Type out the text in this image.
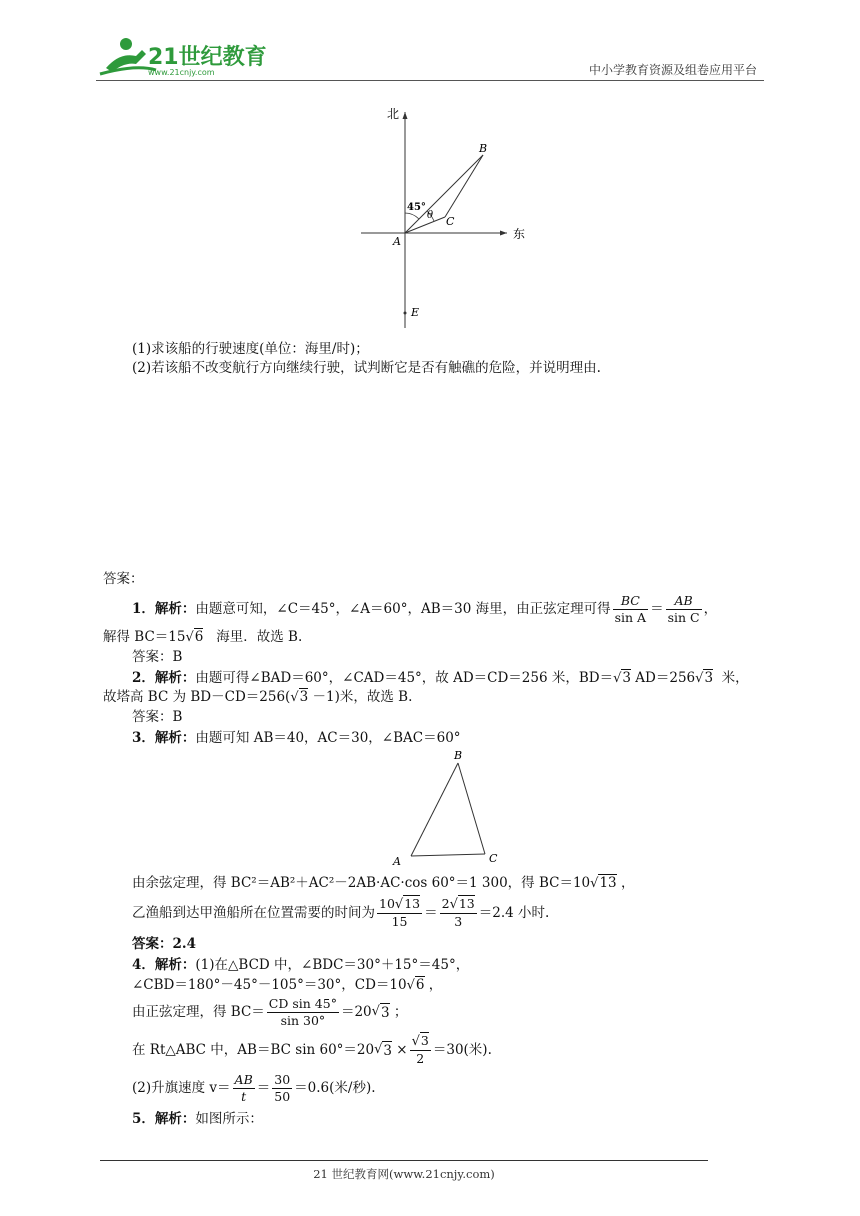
21世纪教育
www.21cnjy.com	中小学教育资源及组卷应用平台
北
东
A
B
C
E
45°
θ
(1)求该船的行驶速度(单位：海里/时)；
(2)若该船不改变航行方向继续行驶，试判断它是否有触礁的危险，并说明理由.
答案：
1．解析： 由题意可知，∠C＝45°，∠A＝60°，AB＝30 海里，由正弦定理可得 $\frac{BC}{\text{sin A}} = \frac{AB}{\text{sin C}}$ ，
解得 BC＝15√6 海里．故选 B.
答案：B
2．解析：由题可得∠BAD＝60°，∠CAD＝45°，故 AD＝CD＝256 米，BD＝√3 AD＝256√3 米，
故塔高 BC 为 BD－CD＝256(√3 －1)米，故选 B.
答案：B
3．解析：由题可知 AB＝40，AC＝30，∠BAC＝60°
B
A	C
由余弦定理，得 BC²＝AB²＋AC²－2AB·AC·cos 60°＝1 300，得 BC＝10√13 ，
乙渔船到达甲渔船所在位置需要的时间为 $\frac{10√13}{15} = \frac{2√13}{3} =2.4$ 小时.
答案：2.4
4．解析：(1)在△BCD 中，∠BDC＝30°＋15°＝45°，
∠CBD＝180°－45°－105°＝30°，CD＝10√6 ，
由正弦定理，得 $BC= \frac{\text{CD sin 45°}}{\sin 30^\circ} =20$ √ 3
；
在 Rt△ABC 中，AB＝BC sin 60°＝20 √ 3
× $\frac{√3}{2} =30$(米).
(2)升旗速度 $v= \frac{AB}{t} = \frac{30}{50} =0.6$(米/秒).
5．解析：如图所示：
21 世纪教育网(www.21cnjy.com)
